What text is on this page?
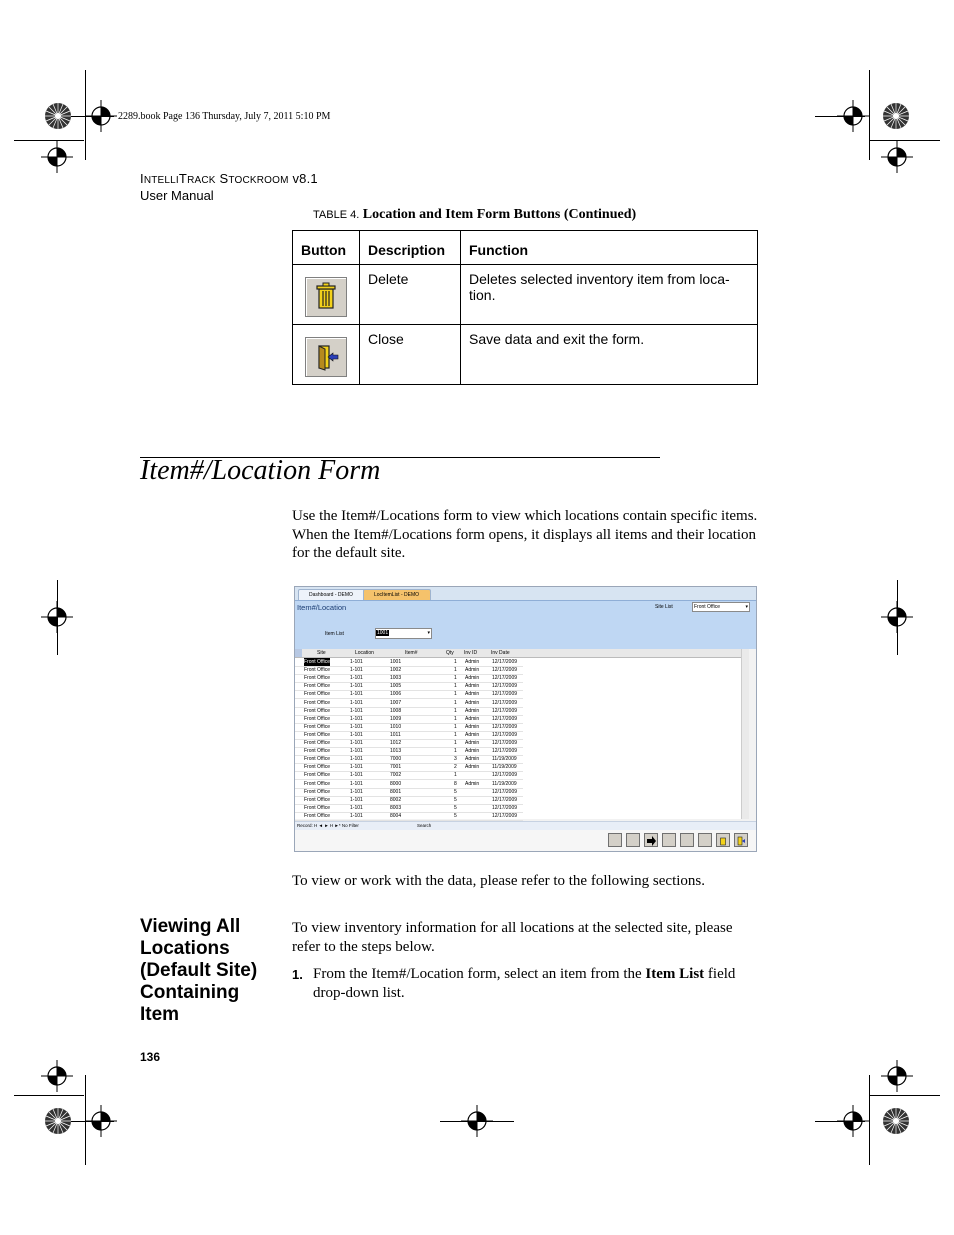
2289.book Page 136 Thursday, July 7, 2011 5:10 PM
INTELLITRACK STOCKROOM v8.1
User Manual
TABLE 4. Location and Item Form Buttons (Continued)
Button	Description	Function

	Delete	Deletes selected inventory item from loca-tion.

	Close	Save data and exit the form.
Item#/Location Form
Use the Item#/Locations form to view which locations contain specific items. When the Item#/Locations form opens, it displays all items and their location for the default site.
Dashboard - DEMO	LocItemList - DEMO
Item#/Location	Site List	Front Office	▾
Item List	1001	▾
Site	Location	Item#	Qty Inv ID	Inv Date
Front Office	1-101	1001	1 Admin	12/17/2009
Front Office	1-101	1002	1 Admin	12/17/2009
Front Office	1-101	1003	1 Admin	12/17/2009
Front Office	1-101	1005	1 Admin	12/17/2009
Front Office	1-101	1006	1 Admin	12/17/2009
Front Office	1-101	1007	1 Admin	12/17/2009
Front Office	1-101	1008	1 Admin	12/17/2009
Front Office	1-101	1009	1 Admin	12/17/2009
Front Office	1-101	1010	1 Admin	12/17/2009
Front Office	1-101	1011	1 Admin	12/17/2009
Front Office	1-101	1012	1 Admin	12/17/2009
Front Office	1-101	1013	1 Admin	12/17/2009
Front Office	1-101	7000	3 Admin	11/19/2009
Front Office	1-101	7001	2 Admin	11/19/2009
Front Office	1-101	7002	1	12/17/2009
Front Office	1-101	8000	8 Admin	11/19/2009
Front Office	1-101	8001	5	12/17/2009
Front Office	1-101	8002	5	12/17/2009
Front Office	1-101	8003	5	12/17/2009
Front Office	1-101	8004	5	12/17/2009
Record: H ◄ ► H ►* No Filter	Search
To view or work with the data, please refer to the following sections.
Viewing All
Locations
(Default Site)
Containing
Item
To view inventory information for all locations at the selected site, please refer to the steps below.
1. From the Item#/Location form, select an item from the Item List field drop-down list.
136
